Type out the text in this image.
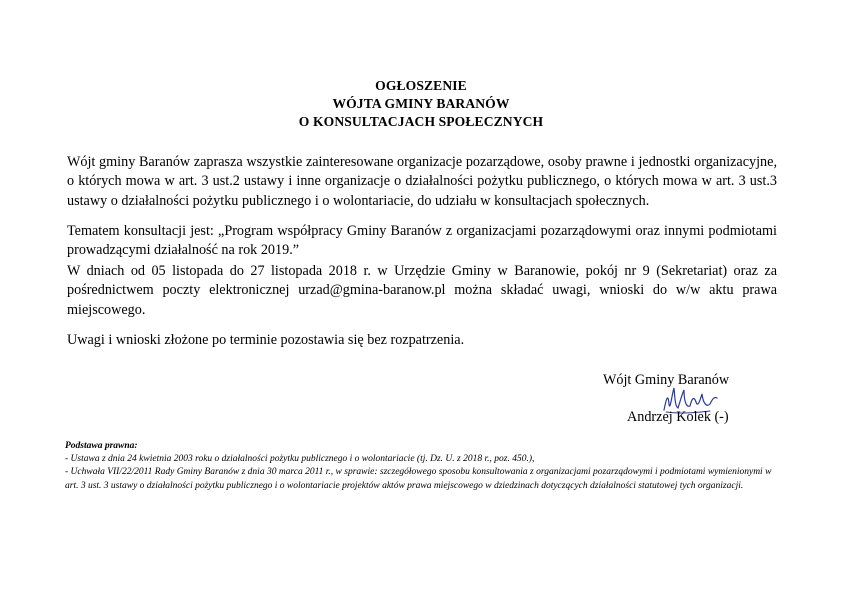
OGŁOSZENIE
WÓJTA GMINY BARANÓW
O KONSULTACJACH SPOŁECZNYCH
Wójt gminy Baranów zaprasza wszystkie zainteresowane organizacje pozarządowe, osoby prawne i jednostki organizacyjne, o których mowa w art. 3 ust.2 ustawy i inne organizacje o działalności pożytku publicznego, o których mowa w art. 3 ust.3 ustawy o działalności pożytku publicznego i o wolontariacie, do udziału w konsultacjach społecznych.
Tematem konsultacji jest: „Program współpracy Gminy Baranów z organizacjami pozarządowymi oraz innymi podmiotami prowadzącymi działalność na rok 2019.”
W dniach od 05 listopada do 27 listopada 2018 r. w Urzędzie Gminy w Baranowie, pokój nr 9 (Sekretariat) oraz za pośrednictwem poczty elektronicznej urzad@gmina-baranow.pl można składać uwagi, wnioski do w/w aktu prawa miejscowego.
Uwagi i wnioski złożone po terminie pozostawia się bez rozpatrzenia.
Wójt Gminy Baranów
Andrzej Kolek (-)
Podstawa prawna:
- Ustawa z dnia 24 kwietnia 2003 roku o działalności pożytku publicznego i o wolontariacie (tj. Dz. U. z 2018 r., poz. 450.),
- Uchwała VII/22/2011 Rady Gminy Baranów z dnia 30 marca 2011 r., w sprawie: szczegółowego sposobu konsultowania z organizacjami pozarządowymi i podmiotami wymienionymi w art. 3 ust. 3 ustawy o działalności pożytku publicznego i o wolontariacie projektów aktów prawa miejscowego w dziedzinach dotyczących działalności statutowej tych organizacji.
